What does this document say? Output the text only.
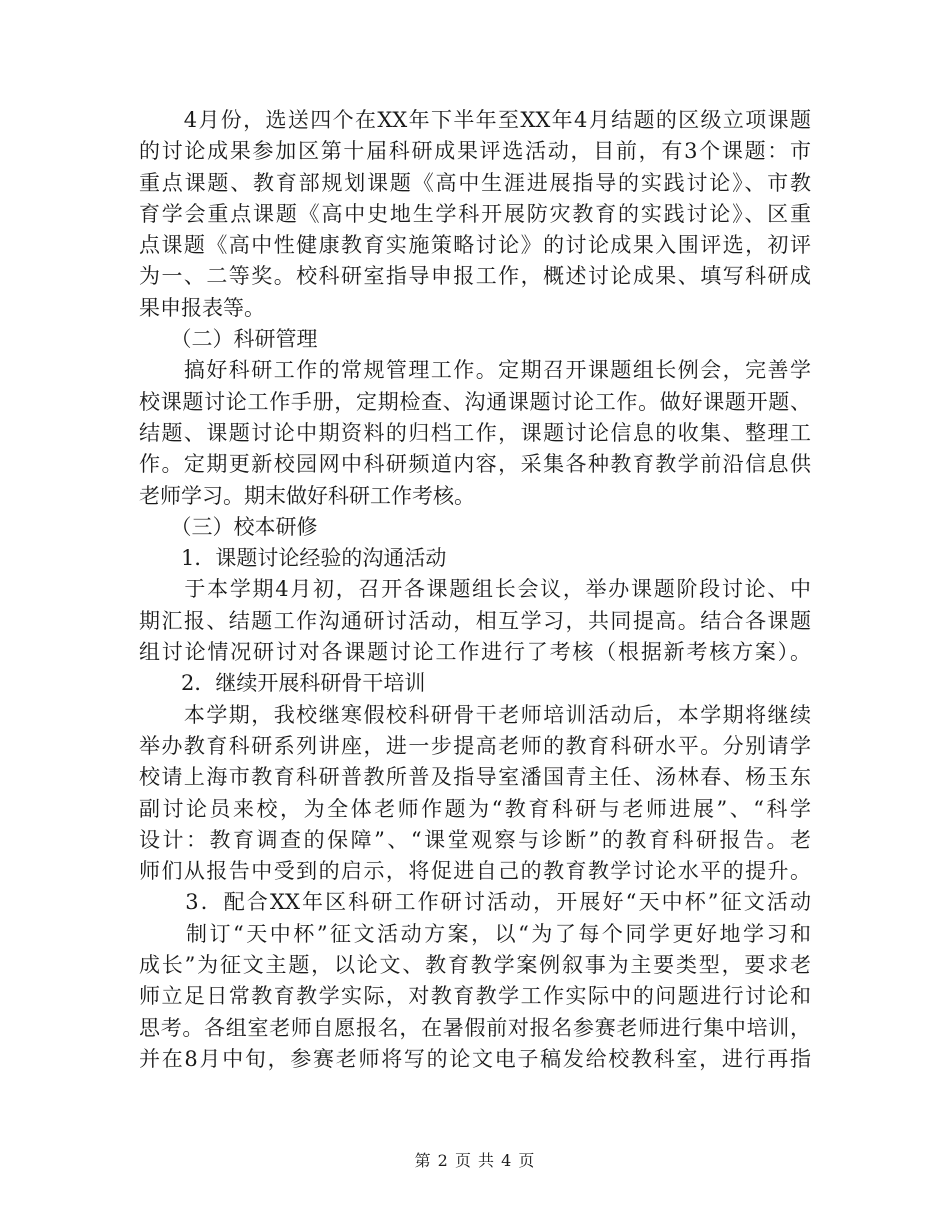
　　4月份，选送四个在XX年下半年至XX年4月结题的区级立项课题
的讨论成果参加区第十届科研成果评选活动，目前，有3个课题：市
重点课题、教育部规划课题《高中生涯进展指导的实践讨论》、市教
育学会重点课题《高中史地生学科开展防灾教育的实践讨论》、区重
点课题《高中性健康教育实施策略讨论》的讨论成果入围评选，初评
为一、二等奖。校科研室指导申报工作，概述讨论成果、填写科研成
果申报表等。
　　（二）科研管理
　　搞好科研工作的常规管理工作。定期召开课题组长例会，完善学
校课题讨论工作手册，定期检查、沟通课题讨论工作。做好课题开题、
结题、课题讨论中期资料的归档工作，课题讨论信息的收集、整理工
作。定期更新校园网中科研频道内容，采集各种教育教学前沿信息供
老师学习。期末做好科研工作考核。
　　（三）校本研修
　　1．课题讨论经验的沟通活动
　　于本学期4月初，召开各课题组长会议，举办课题阶段讨论、中
期汇报、结题工作沟通研讨活动，相互学习，共同提高。结合各课题
组讨论情况研讨对各课题讨论工作进行了考核（根据新考核方案）。
　　2．继续开展科研骨干培训
　　本学期，我校继寒假校科研骨干老师培训活动后，本学期将继续
举办教育科研系列讲座，进一步提高老师的教育科研水平。分别请学
校请上海市教育科研普教所普及指导室潘国青主任、汤林春、杨玉东
副讨论员来校，为全体老师作题为“教育科研与老师进展”、“科学
设计：教育调查的保障”、“课堂观察与诊断”的教育科研报告。老
师们从报告中受到的启示，将促进自己的教育教学讨论水平的提升。
　　3．配合XX年区科研工作研讨活动，开展好“天中杯”征文活动
　　制订“天中杯”征文活动方案，以“为了每个同学更好地学习和
成长”为征文主题，以论文、教育教学案例叙事为主要类型，要求老
师立足日常教育教学实际，对教育教学工作实际中的问题进行讨论和
思考。各组室老师自愿报名，在暑假前对报名参赛老师进行集中培训，
并在8月中旬，参赛老师将写的论文电子稿发给校教科室，进行再指
第 2 页 共 4 页
